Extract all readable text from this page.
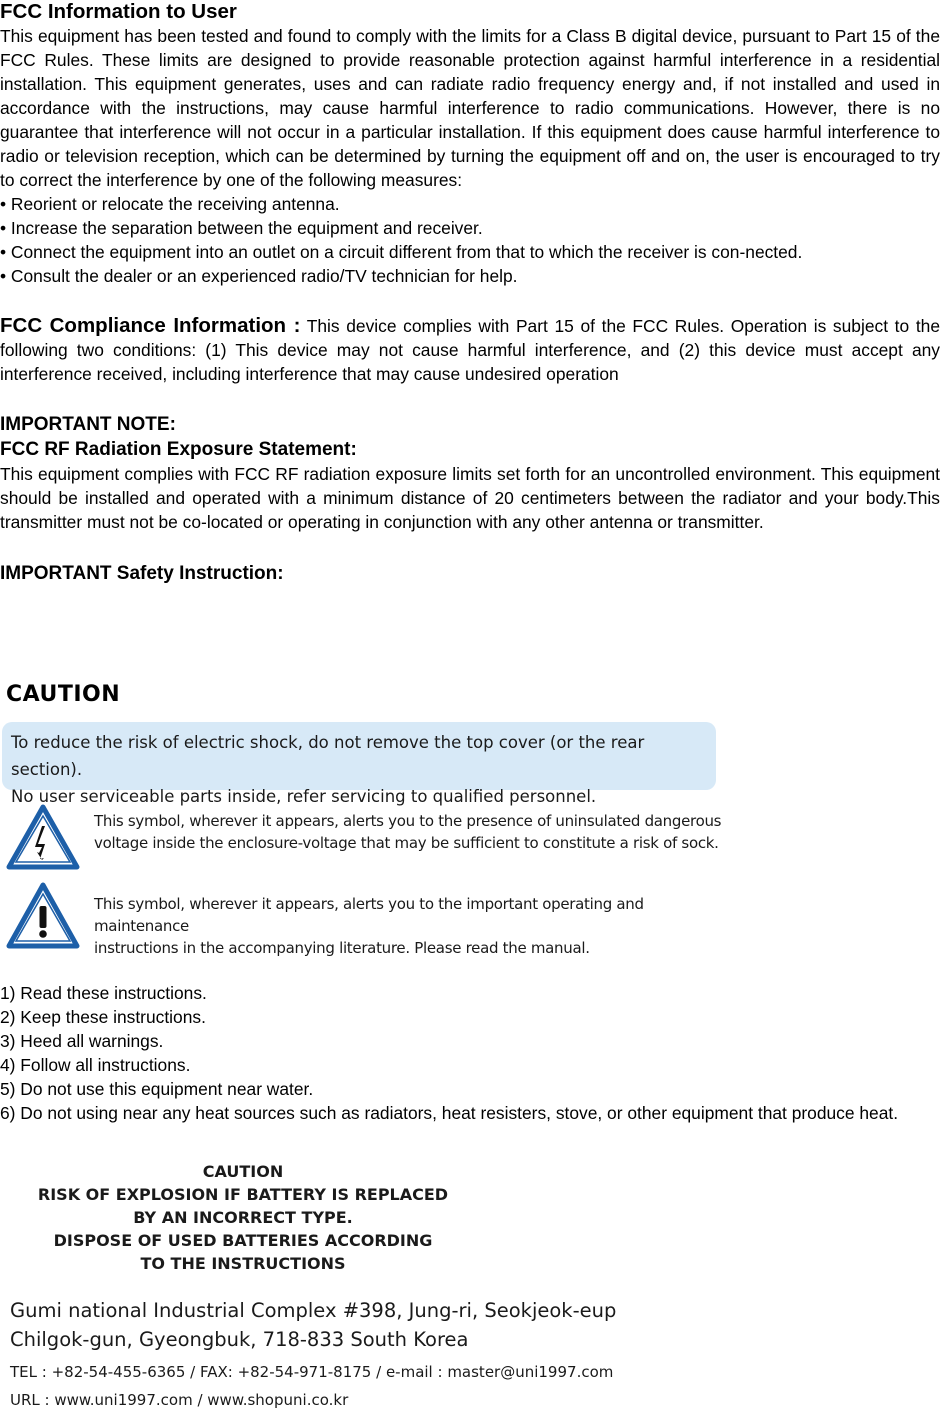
FCC Information to User

This equipment has been tested and found to comply with the limits for a Class B digital device, pursuant to Part 15 of the FCC Rules. These limits are designed to provide reasonable protection against harmful interference in a residential installation. This equipment generates, uses and can radiate radio frequency energy and, if not installed and used in accordance with the instructions, may cause harmful interference to radio communications. However, there is no guarantee that interference will not occur in a particular installation. If this equipment does cause harmful interference to radio or television reception, which can be determined by turning the equipment off and on, the user is encouraged to try to correct the interference by one of the following measures:

• Reorient or relocate the receiving antenna.

• Increase the separation between the equipment and receiver.

• Connect the equipment into an outlet on a circuit different from that to which the receiver is con-nected.

• Consult the dealer or an experienced radio/TV technician for help.

FCC Compliance Information : This device complies with Part 15 of the FCC Rules. Operation is subject to the following two conditions: (1) This device may not cause harmful interference, and (2) this device must accept any interference received, including interference that may cause undesired operation

IMPORTANT NOTE:

FCC RF Radiation Exposure Statement:

This equipment complies with FCC RF radiation exposure limits set forth for an uncontrolled environment. This equipment should be installed and operated with a minimum distance of 20 centimeters between the radiator and your body.This transmitter must not be co-located or operating in conjunction with any other antenna or transmitter.

IMPORTANT Safety Instruction:

CAUTION
To reduce the risk of electric shock, do not remove the top cover (or the rear section).
No user serviceable parts inside, refer servicing to qualified personnel.
This symbol, wherever it appears, alerts you to the presence of uninsulated dangerous
voltage inside the enclosure-voltage that may be sufficient to constitute a risk of sock.
This symbol, wherever it appears, alerts you to the important operating and maintenance
instructions in the accompanying literature. Please read the manual.

1) Read these instructions.

2) Keep these instructions.

3) Heed all warnings.

4) Follow all instructions.

5) Do not use this equipment near water.

6) Do not using near any heat sources such as radiators, heat resisters, stove, or other equipment that produce heat.

CAUTION
RISK OF EXPLOSION IF BATTERY IS REPLACED
BY AN INCORRECT TYPE.
DISPOSE OF USED BATTERIES ACCORDING
TO THE INSTRUCTIONS

Gumi national Industrial Complex #398, Jung-ri, Seokjeok-eup

Chilgok-gun, Gyeongbuk, 718-833 South Korea

TEL : +82-54-455-6365 / FAX: +82-54-971-8175 / e-mail : master@uni1997.com

URL : www.uni1997.com / www.shopuni.co.kr
